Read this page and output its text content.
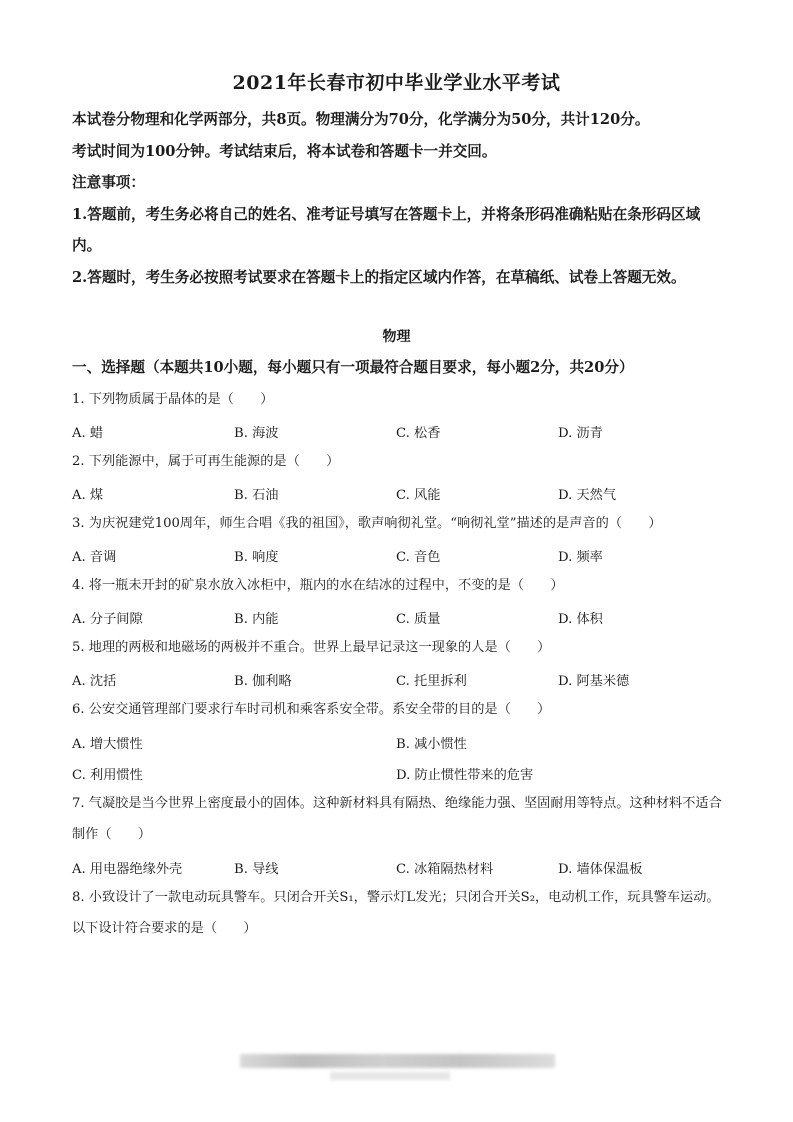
2021年长春市初中毕业学业水平考试

本试卷分物理和化学两部分，共8页。物理满分为70分，化学满分为50分，共计120分。

考试时间为100分钟。考试结束后，将本试卷和答题卡一并交回。

注意事项：

1.答题前，考生务必将自己的姓名、准考证号填写在答题卡上，并将条形码准确粘贴在条形码区域内。

2.答题时，考生务必按照考试要求在答题卡上的指定区域内作答，在草稿纸、试卷上答题无效。

物理
一、选择题（本题共10小题，每小题只有一项最符合题目要求，每小题2分，共20分）
1. 下列物质属于晶体的是（　　）
A. 蜡	B. 海波	C. 松香	D. 沥青
2. 下列能源中，属于可再生能源的是（　　）
A. 煤	B. 石油	C. 风能	D. 天然气
3. 为庆祝建党100周年，师生合唱《我的祖国》，歌声响彻礼堂。“响彻礼堂”描述的是声音的（　　）
A. 音调	B. 响度	C. 音色	D. 频率
4. 将一瓶未开封的矿泉水放入冰柜中，瓶内的水在结冰的过程中，不变的是（　　）
A. 分子间隙	B. 内能	C. 质量	D. 体积
5. 地理的两极和地磁场的两极并不重合。世界上最早记录这一现象的人是（　　）
A. 沈括	B. 伽利略	C. 托里拆利	D. 阿基米德
6. 公安交通管理部门要求行车时司机和乘客系安全带。系安全带的目的是（　　）
A. 增大惯性	B. 减小惯性
C. 利用惯性	D. 防止惯性带来的危害
7. 气凝胶是当今世界上密度最小的固体。这种新材料具有隔热、绝缘能力强、坚固耐用等特点。这种材料不适合制作（　　）
A. 用电器绝缘外壳	B. 导线	C. 冰箱隔热材料	D. 墙体保温板
8. 小致设计了一款电动玩具警车。只闭合开关S₁，警示灯L发光；只闭合开关S₂，电动机工作，玩具警车运动。以下设计符合要求的是（　　）
